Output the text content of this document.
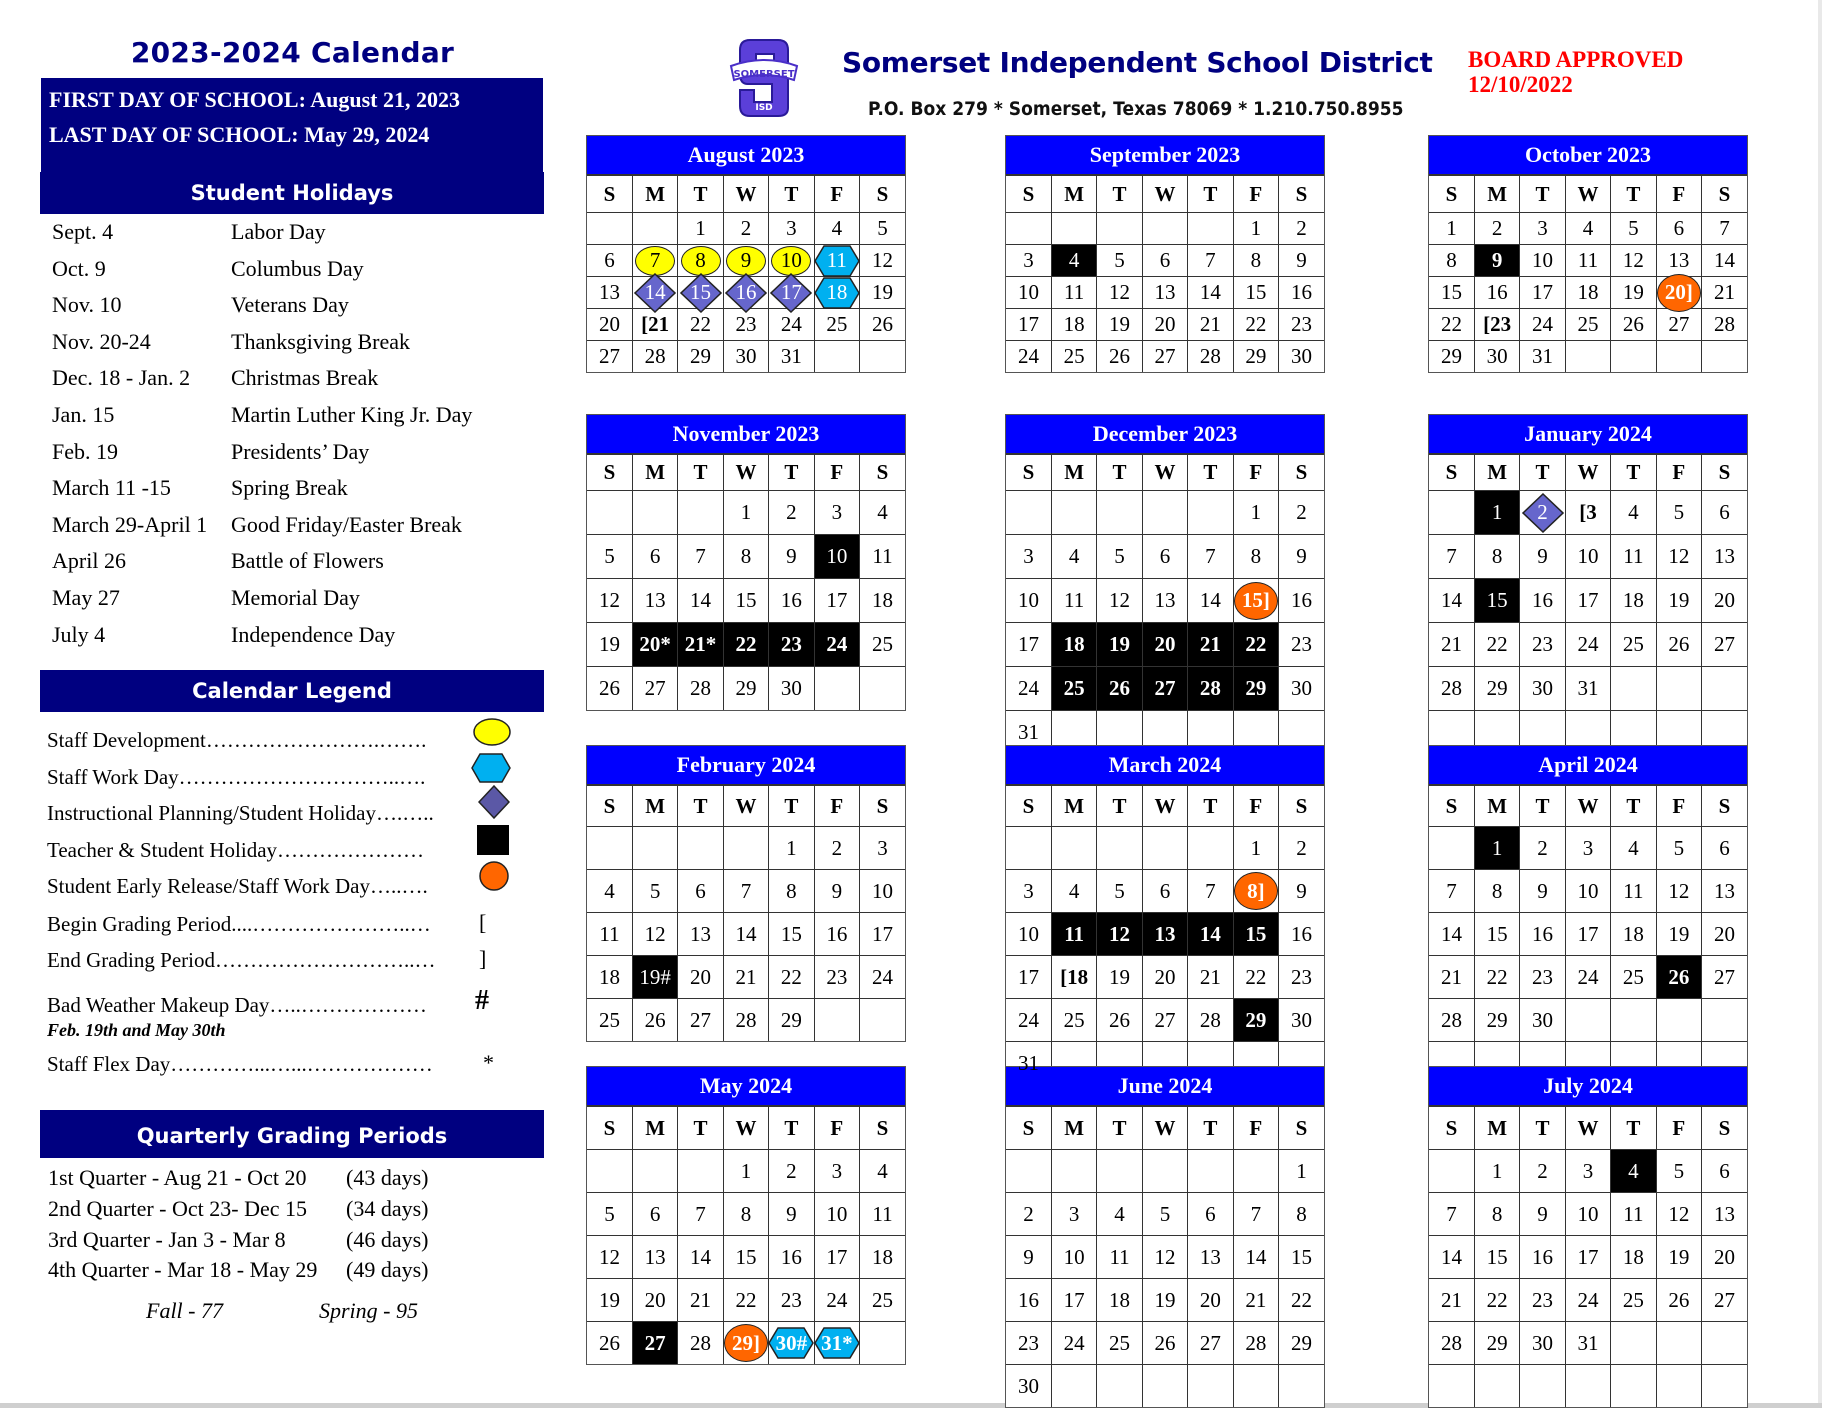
2023-2024 Calendar
FIRST DAY OF SCHOOL: August 21, 2023
LAST DAY OF SCHOOL: May 29, 2024
Student Holidays
Sept. 4	Labor Day
Oct. 9	Columbus Day
Nov. 10	Veterans Day
Nov. 20-24	Thanksgiving Break
Dec. 18 - Jan. 2 Christmas Break
Jan. 15	Martin Luther King Jr. Day
Feb. 19	Presidents’ Day
March 11 -15	Spring Break
March 29-April 1 Good Friday/Easter Break
April 26	Battle of Flowers
May 27	Memorial Day
July 4	Independence Day
Calendar Legend
Staff Development…………………….…….
Staff Work Day…………………………..….
Instructional Planning/Student Holiday….…..
Teacher & Student Holiday…………………
Student Early Release/Staff Work Day…..….
Begin Grading Period....…………………..… [
End Grading Period………………………..… ]
Bad Weather Makeup Day…..……………… #
Staff Flex Day…………...…...……………… *
Feb. 19th and May 30th
Quarterly Grading Periods
1st Quarter - Aug 21 - Oct 20 (43 days)
2nd Quarter - Oct 23- Dec 15 (34 days)
3rd Quarter - Jan 3 - Mar 8	(46 days)
4th Quarter - Mar 18 - May 29 (49 days)
Fall - 77	Spring - 95
SOMERSET
ISD
Somerset Independent School District
P.O. Box 279 * Somerset, Texas 78069 * 1.210.750.8955
BOARD APPROVED
12/10/2022
August 2023
S	M	T	W	T	F	S
		1	2	3	4	5
6	7	8	9	10	11	12
13	14	15	16	17	18	19
20	[21	22	23	24	25	26
27	28	29	30	31		
September 2023
S	M	T	W	T	F	S
					1	2
3	4	5	6	7	8	9
10	11	12	13	14	15	16
17	18	19	20	21	22	23
24	25	26	27	28	29	30
October 2023
S	M	T	W	T	F	S
1	2	3	4	5	6	7
8	9	10	11	12	13	14
15	16	17	18	19	20]	21
22	[23	24	25	26	27	28
29	30	31				
November 2023
S	M	T	W	T	F	S
			1	2	3	4
5	6	7	8	9	10	11
12	13	14	15	16	17	18
19	20*	21*	22	23	24	25
26	27	28	29	30		
December 2023
S	M	T	W	T	F	S
					1	2
3	4	5	6	7	8	9
10	11	12	13	14	15]	16
17	18	19	20	21	22	23
24	25	26	27	28	29	30
31						
January 2024
S	M	T	W	T	F	S
	1	2	[3	4	5	6
7	8	9	10	11	12	13
14	15	16	17	18	19	20
21	22	23	24	25	26	27
28	29	30	31			

February 2024
S	M	T	W	T	F	S
				1	2	3
4	5	6	7	8	9	10
11	12	13	14	15	16	17
18	19#	20	21	22	23	24
25	26	27	28	29		
March 2024
S	M	T	W	T	F	S
					1	2
3	4	5	6	7	8]	9
10	11	12	13	14	15	16
17	[18	19	20	21	22	23
24	25	26	27	28	29	30
31						
April 2024
S	M	T	W	T	F	S
	1	2	3	4	5	6
7	8	9	10	11	12	13
14	15	16	17	18	19	20
21	22	23	24	25	26	27
28	29	30				

May 2024
S	M	T	W	T	F	S
			1	2	3	4
5	6	7	8	9	10	11
12	13	14	15	16	17	18
19	20	21	22	23	24	25
26	27	28	29]	30#	31*	

June 2024
S	M	T	W	T	F	S
						1
2	3	4	5	6	7	8
9	10	11	12	13	14	15
16	17	18	19	20	21	22
23	24	25	26	27	28	29
30						
July 2024
S	M	T	W	T	F	S
	1	2	3	4	5	6
7	8	9	10	11	12	13
14	15	16	17	18	19	20
21	22	23	24	25	26	27
28	29	30	31			
